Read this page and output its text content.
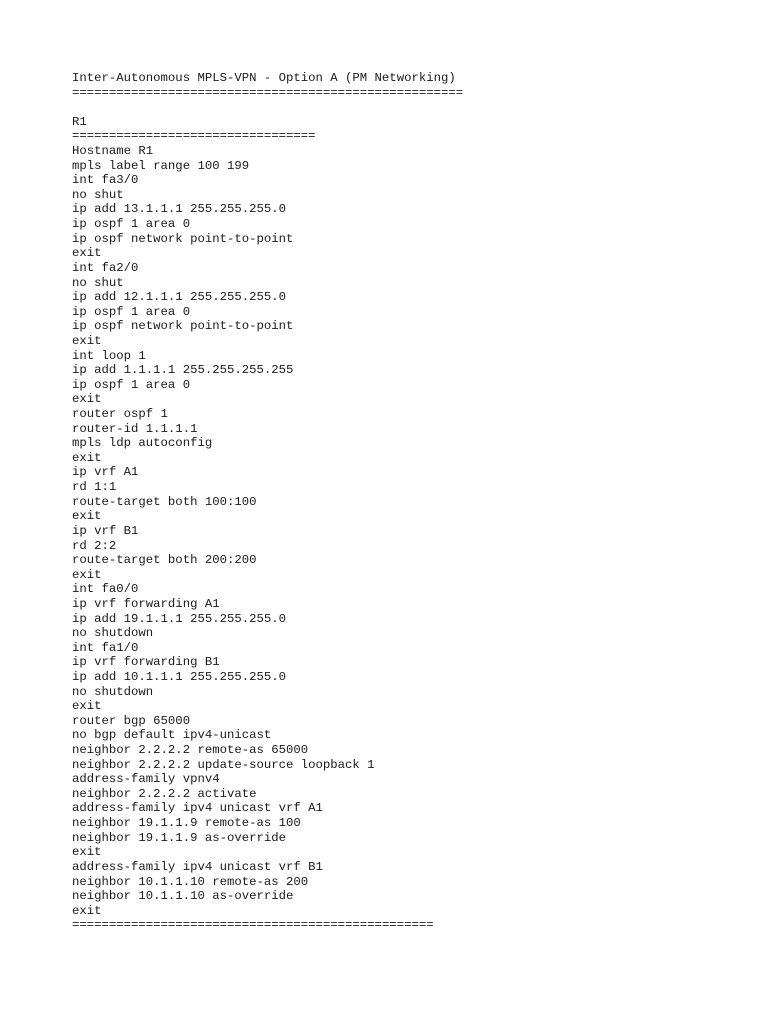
Inter-Autonomous MPLS-VPN - Option A (PM Networking)

=====================================================

R1

=================================

Hostname R1

mpls label range 100 199

int fa3/0

no shut

ip add 13.1.1.1 255.255.255.0

ip ospf 1 area 0

ip ospf network point-to-point

exit

int fa2/0

no shut

ip add 12.1.1.1 255.255.255.0

ip ospf 1 area 0

ip ospf network point-to-point

exit

int loop 1

ip add 1.1.1.1 255.255.255.255

ip ospf 1 area 0

exit

router ospf 1

router-id 1.1.1.1

mpls ldp autoconfig

exit

ip vrf A1

rd 1:1

route-target both 100:100

exit

ip vrf B1

rd 2:2

route-target both 200:200

exit

int fa0/0

ip vrf forwarding A1

ip add 19.1.1.1 255.255.255.0

no shutdown

int fa1/0

ip vrf forwarding B1

ip add 10.1.1.1 255.255.255.0

no shutdown

exit

router bgp 65000

no bgp default ipv4-unicast

neighbor 2.2.2.2 remote-as 65000

neighbor 2.2.2.2 update-source loopback 1

address-family vpnv4

neighbor 2.2.2.2 activate

address-family ipv4 unicast vrf A1

neighbor 19.1.1.9 remote-as 100

neighbor 19.1.1.9 as-override

exit

address-family ipv4 unicast vrf B1

neighbor 10.1.1.10 remote-as 200

neighbor 10.1.1.10 as-override

exit

=================================================
